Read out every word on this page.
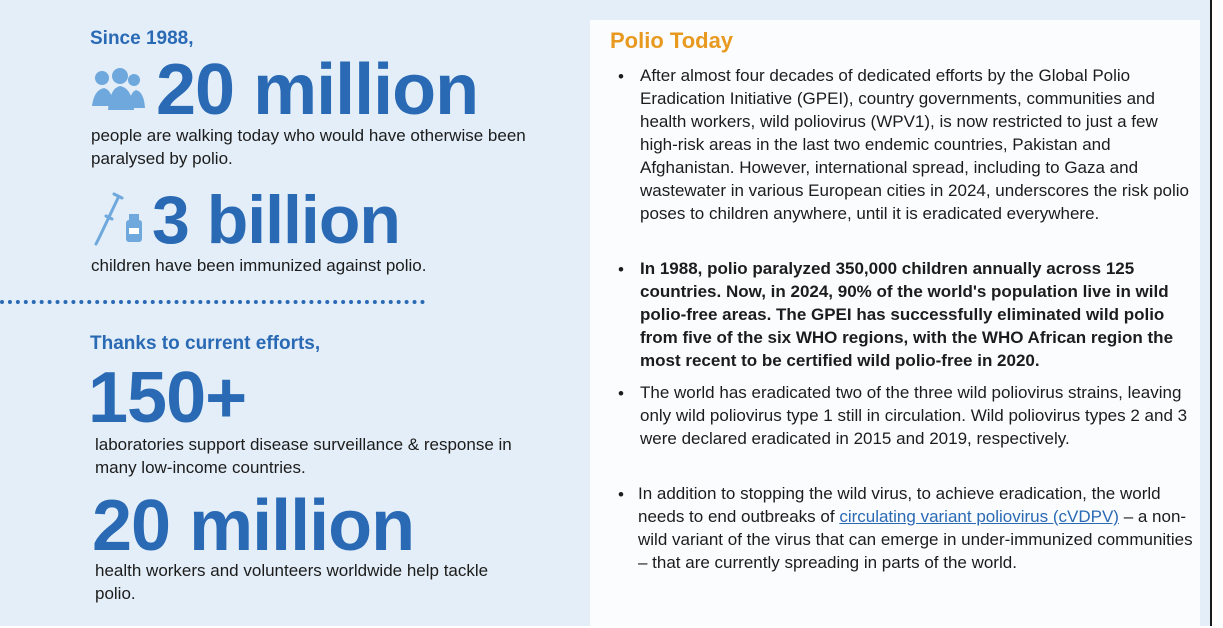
Since 1988,
20 million
people are walking today who would have otherwise been paralysed by polio.
3 billion
children have been immunized against polio.
Thanks to current efforts,
150+
laboratories support disease surveillance & response in many low-income countries.
20 million
health workers and volunteers worldwide help tackle polio.
Polio Today
• After almost four decades of dedicated efforts by the Global Polio Eradication Initiative (GPEI), country governments, communities and health workers, wild poliovirus (WPV1), is now restricted to just a few high-risk areas in the last two endemic countries, Pakistan and Afghanistan. However, international spread, including to Gaza and wastewater in various European cities in 2024, underscores the risk polio poses to children anywhere, until it is eradicated everywhere.
• In 1988, polio paralyzed 350,000 children annually across 125 countries. Now, in 2024, 90% of the world's population live in wild polio-free areas. The GPEI has successfully eliminated wild polio from five of the six WHO regions, with the WHO African region the most recent to be certified wild polio-free in 2020.
• The world has eradicated two of the three wild poliovirus strains, leaving only wild poliovirus type 1 still in circulation. Wild poliovirus types 2 and 3 were declared eradicated in 2015 and 2019, respectively.
• In addition to stopping the wild virus, to achieve eradication, the world needs to end outbreaks of circulating variant poliovirus (cVDPV) – a non-wild variant of the virus that can emerge in under-immunized communities – that are currently spreading in parts of the world.
